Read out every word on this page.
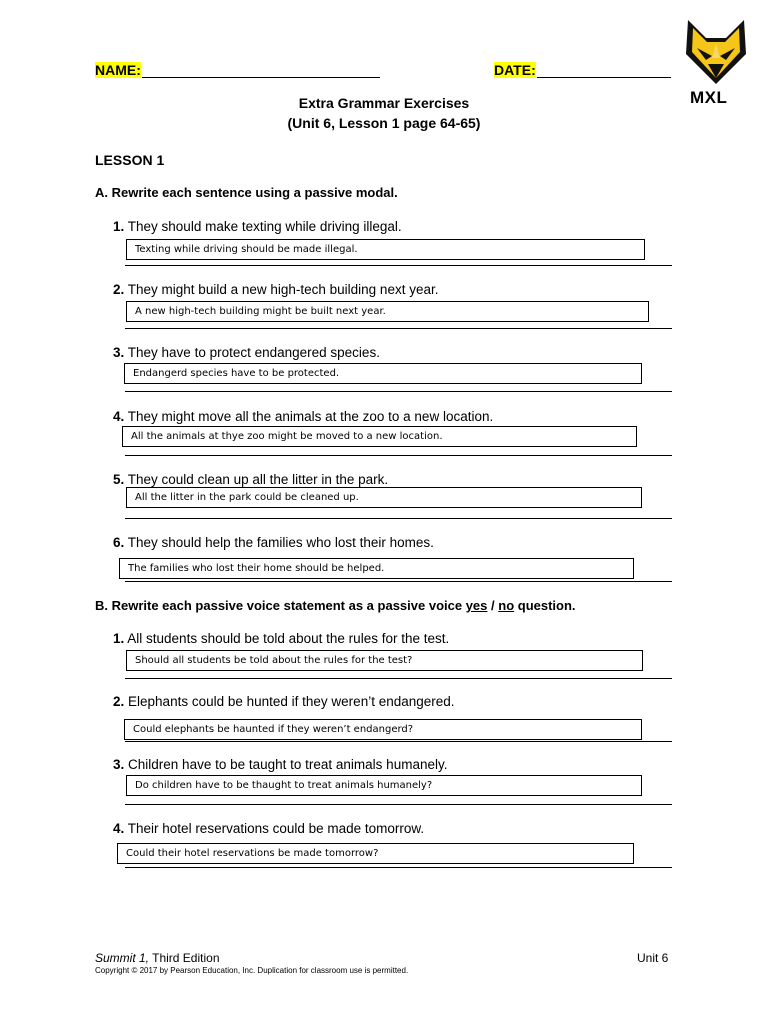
NAME:	DATE:
MXL
Extra Grammar Exercises
(Unit 6, Lesson 1 page 64-65)
LESSON 1
A. Rewrite each sentence using a passive modal.
1. They should make texting while driving illegal.
Texting while driving should be made illegal.
2. They might build a new high-tech building next year.
A new high-tech building might be built next year.
3. They have to protect endangered species.
Endangerd species have to be protected.
4. They might move all the animals at the zoo to a new location.
All the animals at thye zoo might be moved to a new location.
5. They could clean up all the litter in the park.
All the litter in the park could be cleaned up.
6. They should help the families who lost their homes.
The families who lost their home should be helped.
B. Rewrite each passive voice statement as a passive voice yes / no question.
1. All students should be told about the rules for the test.
Should all students be told about the rules for the test?
2. Elephants could be hunted if they weren’t endangered.
Could elephants be haunted if they weren’t endangerd?
3. Children have to be taught to treat animals humanely.
Do children have to be thaught to treat animals humanely?
4. Their hotel reservations could be made tomorrow.
Could their hotel reservations be made tomorrow?
Summit 1, Third Edition	Unit 6
Copyright © 2017 by Pearson Education, Inc. Duplication for classroom use is permitted.
